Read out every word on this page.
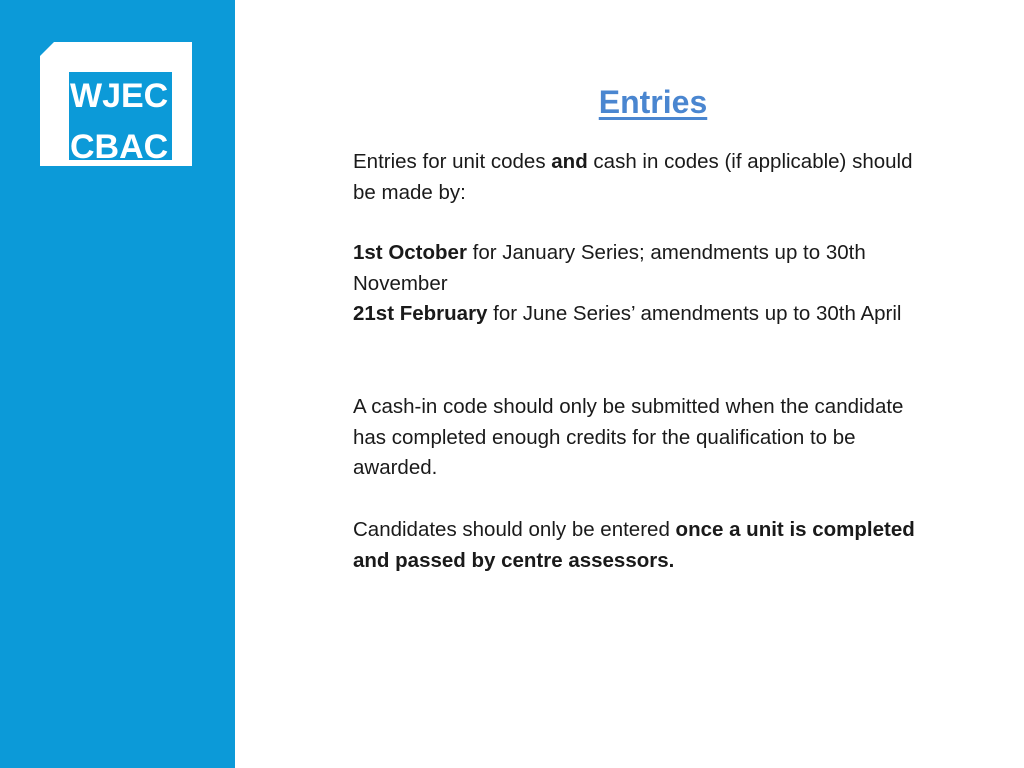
WJEC
CBAC
Entries

Entries for unit codes and cash in codes (if applicable) should be made by:

1st October for January Series; amendments up to 30th November
21st February for June Series’ amendments up to 30th April

A cash-in code should only be submitted when the candidate has completed enough credits for the qualification to be awarded.

Candidates should only be entered once a unit is completed and passed by centre assessors.
